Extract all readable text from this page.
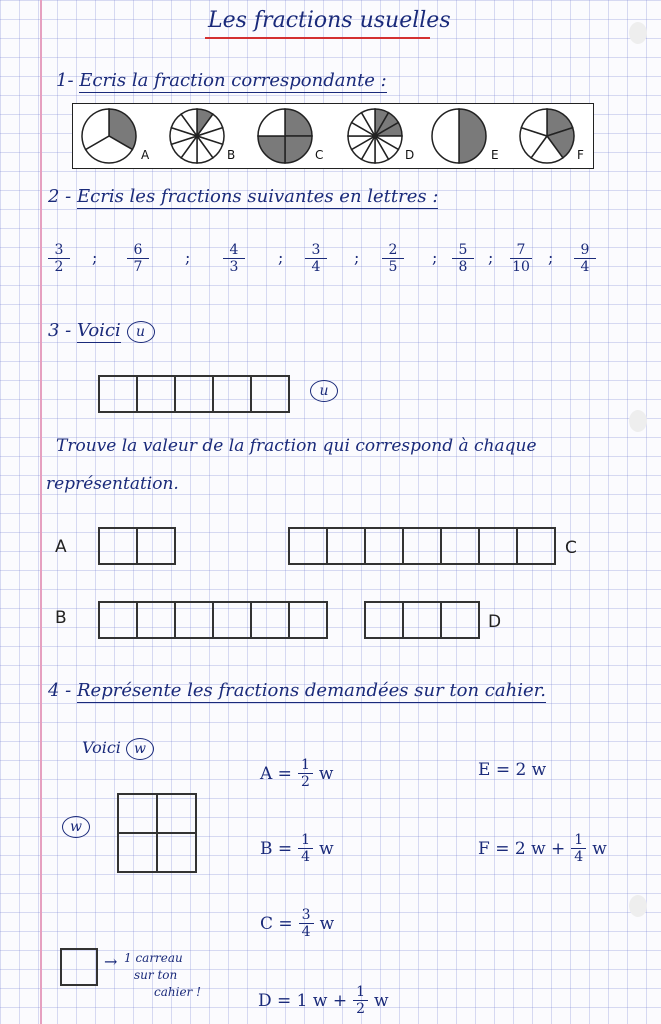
Les fractions usuelles
1- Ecris la fraction correspondante :
A	B	C	D	E	F
2 - Ecris les fractions suivantes en lettres :
$\frac{3}{2}$ ; $\frac{6}{7}$ ; $\frac{4}{3}$ ; $\frac{3}{4}$ ; $\frac{2}{5}$ ; $\frac{5}{8}$ ; $\frac{7}{10}$ ; $\frac{9}{4}$
3 - Voici u
u
Trouve la valeur de la fraction qui correspond à chaque
représentation.
A	C
B	D
4 - Représente les fractions demandées sur ton cahier.
Voici w
w
$A = \frac{1}{2}$ w	E = 2 w
$B = \frac{1}{4}$ w	F = 2 $w + \frac{1}{4}$ w
$C = \frac{3}{4}$ w
D = 1 $w + \frac{1}{2}$ w
→ 1 carreau
sur ton
cahier !
